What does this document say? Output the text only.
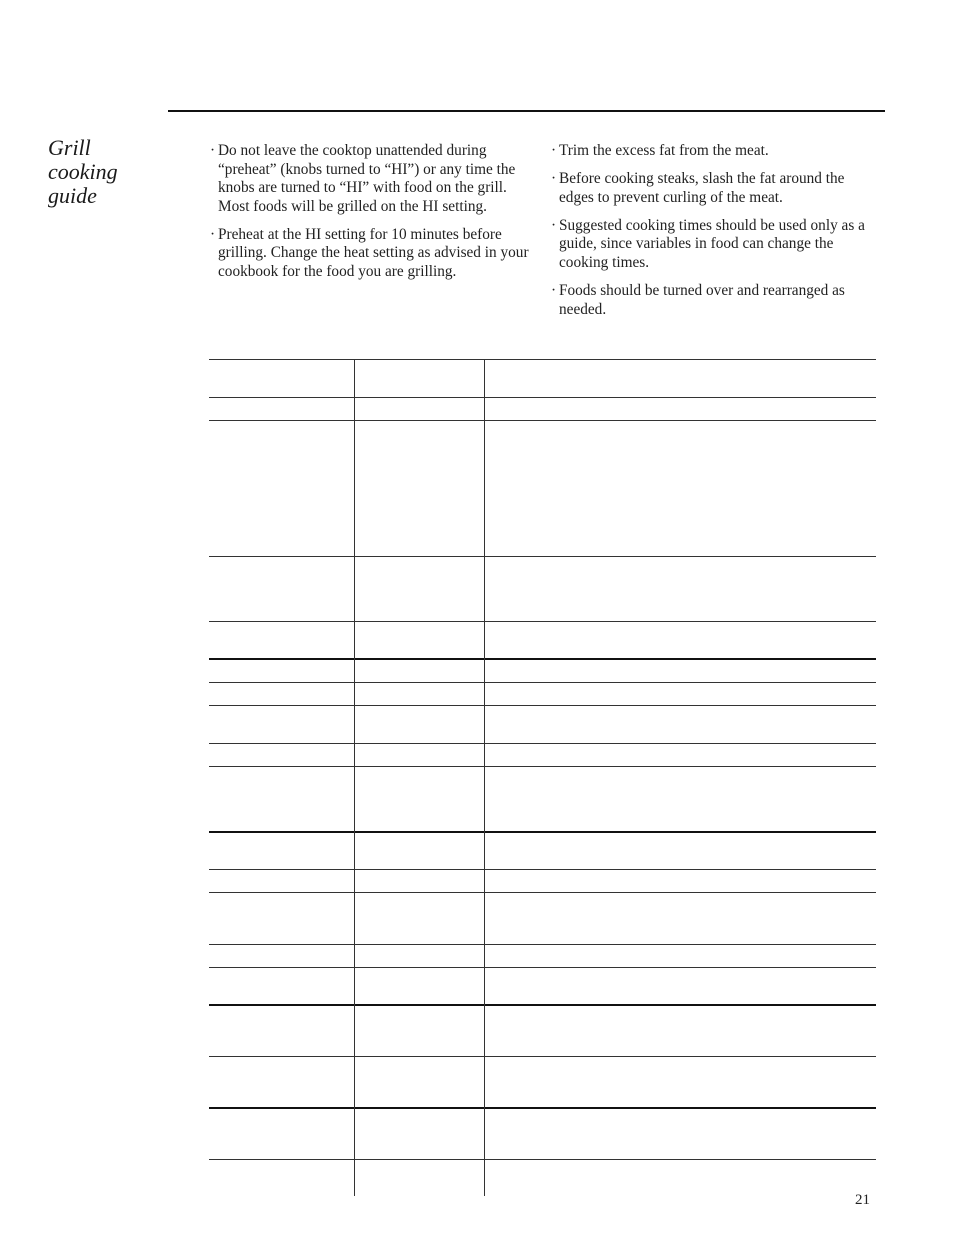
Grill
cooking
guide
· Do not leave the cooktop unattended during “preheat” (knobs turned to “HI”) or any time the knobs are turned to “HI” with food on the grill. Most foods will be grilled on the HI setting.
· Preheat at the HI setting for 10 minutes before grilling. Change the heat setting as advised in your cookbook for the food you are grilling.
· Trim the excess fat from the meat.
· Before cooking steaks, slash the fat around the edges to prevent curling of the meat.
· Suggested cooking times should be used only as a guide, since variables in food can change the cooking times.
· Foods should be turned over and rearranged as needed.
21
